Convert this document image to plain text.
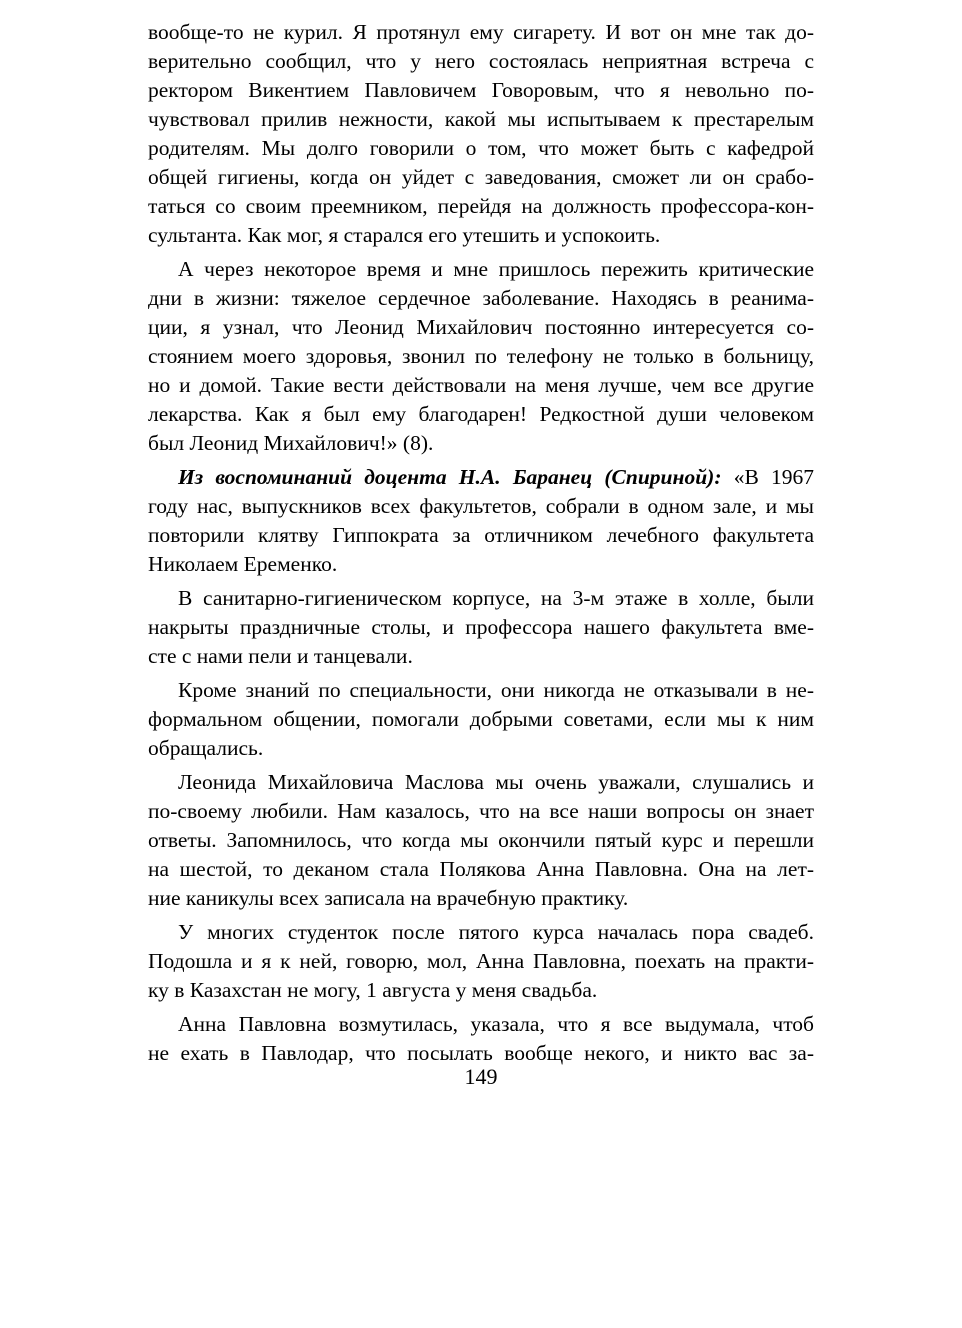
вообще-то не курил. Я протянул ему сигарету. И вот он мне так до-
верительно сообщил, что у него состоялась неприятная встреча с
ректором Викентием Павловичем Говоровым, что я невольно по-
чувствовал прилив нежности, какой мы испытываем к престарелым
родителям. Мы долго говорили о том, что может быть с кафедрой
общей гигиены, когда он уйдет с заведования, сможет ли он срабо-
таться со своим преемником, перейдя на должность профессора-кон-
сультанта. Как мог, я старался его утешить и успокоить.
А через некоторое время и мне пришлось пережить критические
дни в жизни: тяжелое сердечное заболевание. Находясь в реанима-
ции, я узнал, что Леонид Михайлович постоянно интересуется со-
стоянием моего здоровья, звонил по телефону не только в больницу,
но и домой. Такие вести действовали на меня лучше, чем все другие
лекарства. Как я был ему благодарен! Редкостной души человеком
был Леонид Михайлович!» (8).
Из воспоминаний доцента Н.А. Баранец (Спириной): «В 1967
году нас, выпускников всех факультетов, собрали в одном зале, и мы
повторили клятву Гиппократа за отличником лечебного факультета
Николаем Еременко.
В санитарно-гигиеническом корпусе, на 3-м этаже в холле, были
накрыты праздничные столы, и профессора нашего факультета вме-
сте с нами пели и танцевали.
Кроме знаний по специальности, они никогда не отказывали в не-
формальном общении, помогали добрыми советами, если мы к ним
обращались.
Леонида Михайловича Маслова мы очень уважали, слушались и
по-своему любили. Нам казалось, что на все наши вопросы он знает
ответы. Запомнилось, что когда мы окончили пятый курс и перешли
на шестой, то деканом стала Полякова Анна Павловна. Она на лет-
ние каникулы всех записала на врачебную практику.
У многих студенток после пятого курса началась пора свадеб.
Подошла и я к ней, говорю, мол, Анна Павловна, поехать на практи-
ку в Казахстан не могу, 1 августа у меня свадьба.
Анна Павловна возмутилась, указала, что я все выдумала, чтоб
не ехать в Павлодар, что посылать вообще некого, и никто вас за-
149
